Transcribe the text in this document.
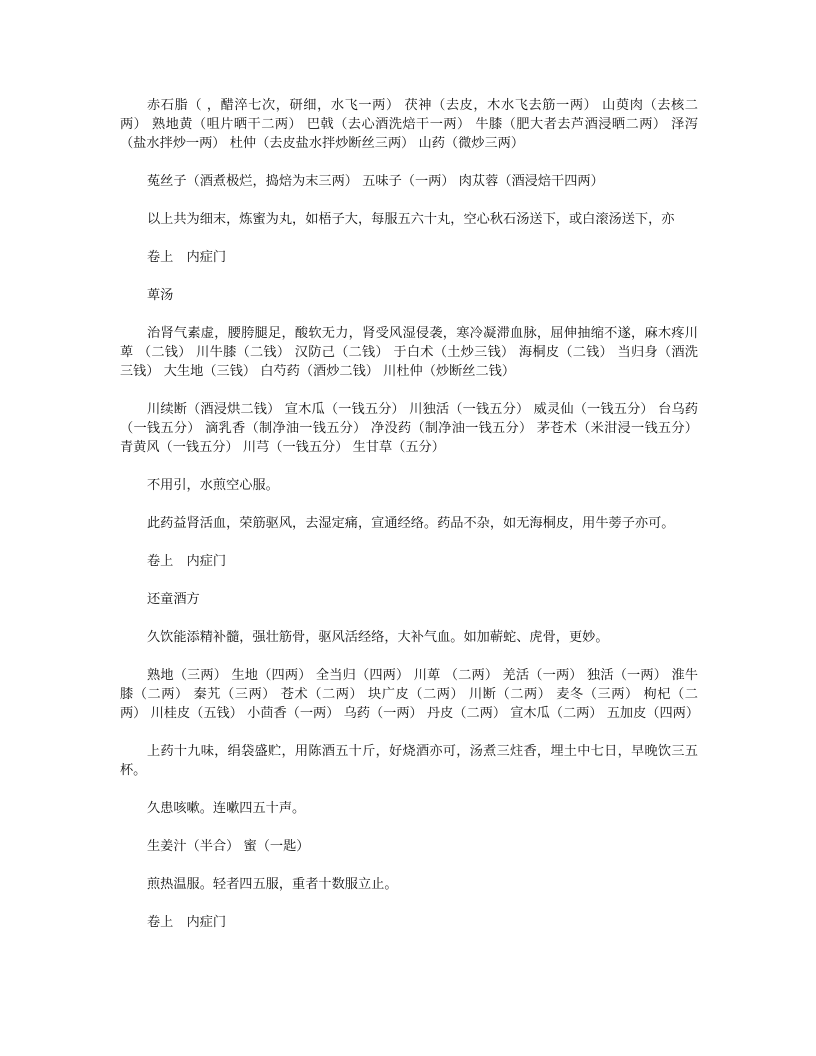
赤石脂（ ，醋淬七次，研细，水飞一两） 茯神（去皮，木水飞去筋一两） 山萸肉（去核二两） 熟地黄（咀片晒干二两） 巴戟（去心酒洗焙干一两） 牛膝（肥大者去芦酒浸晒二两） 泽泻（盐水拌炒一两） 杜仲（去皮盐水拌炒断丝三两） 山药（微炒三两）

菟丝子（酒煮极烂，捣焙为末三两） 五味子（一两） 肉苁蓉（酒浸焙干四两）

以上共为细末，炼蜜为丸，如梧子大，每服五六十丸，空心秋石汤送下，或白滚汤送下，亦

卷上　内症门

萆汤

治肾气素虚，腰胯腿足，酸软无力，肾受风湿侵袭，寒冷凝滞血脉，屈伸抽缩不遂，麻木疼川萆 （二钱） 川牛膝（二钱） 汉防己（二钱） 于白术（土炒三钱） 海桐皮（二钱） 当归身（酒洗三钱） 大生地（三钱） 白芍药（酒炒二钱） 川杜仲（炒断丝二钱）

川续断（酒浸烘二钱） 宣木瓜（一钱五分） 川独活（一钱五分） 威灵仙（一钱五分） 台乌药（一钱五分） 滴乳香（制净油一钱五分） 净没药（制净油一钱五分） 茅苍术（米泔浸一钱五分） 青黄风（一钱五分） 川芎（一钱五分） 生甘草（五分）

不用引，水煎空心服。

此药益肾活血，荣筋驱风，去湿定痛，宣通经络。药品不杂，如无海桐皮，用牛蒡子亦可。

卷上　内症门

还童酒方

久饮能添精补髓，强壮筋骨，驱风活经络，大补气血。如加蕲蛇、虎骨，更妙。

熟地（三两） 生地（四两） 全当归（四两） 川萆 （二两） 羌活（一两） 独活（一两） 淮牛膝（二两） 秦艽（三两） 苍术（二两） 块广皮（二两） 川断（二两） 麦冬（三两） 枸杞（二两） 川桂皮（五钱） 小茴香（一两） 乌药（一两） 丹皮（二两） 宣木瓜（二两） 五加皮（四两）

上药十九味，绢袋盛贮，用陈酒五十斤，好烧酒亦可，汤煮三炷香，埋土中七日，早晚饮三五杯。

久患咳嗽。连嗽四五十声。

生姜汁（半合） 蜜（一匙）

煎热温服。轻者四五服，重者十数服立止。

卷上　内症门
